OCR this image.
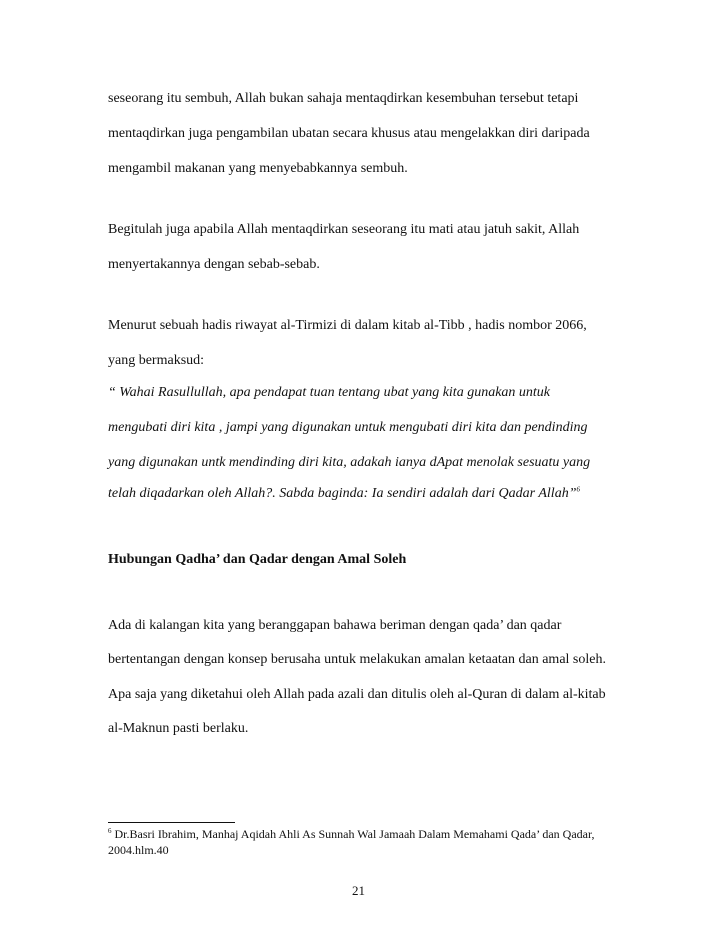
seseorang itu sembuh, Allah bukan sahaja mentaqdirkan kesembuhan tersebut tetapi
mentaqdirkan juga pengambilan ubatan secara khusus atau mengelakkan diri daripada
mengambil makanan yang menyebabkannya sembuh.
Begitulah juga apabila Allah mentaqdirkan seseorang itu mati atau jatuh sakit, Allah
menyertakannya dengan sebab-sebab.
Menurut sebuah hadis riwayat al-Tirmizi di dalam kitab al-Tibb , hadis nombor 2066,
yang bermaksud:
“ Wahai Rasullullah, apa pendapat tuan tentang ubat yang kita gunakan untuk
mengubati diri kita , jampi yang digunakan untuk mengubati diri kita dan pendinding
yang digunakan untk mendinding diri kita, adakah ianya dApat menolak sesuatu yang
telah diqadarkan oleh Allah?. Sabda baginda: Ia sendiri adalah dari Qadar Allah”$^6$
Hubungan Qadha’ dan Qadar dengan Amal Soleh
Ada di kalangan kita yang beranggapan bahawa beriman dengan qada’ dan qadar
bertentangan dengan konsep berusaha untuk melakukan amalan ketaatan dan amal soleh.
Apa saja yang diketahui oleh Allah pada azali dan ditulis oleh al-Quran di dalam al-kitab
al-Maknun pasti berlaku.
$^6$ Dr.Basri Ibrahim, Manhaj Aqidah Ahli As Sunnah Wal Jamaah Dalam Memahami Qada’ dan Qadar,
2004.hlm.40
21
